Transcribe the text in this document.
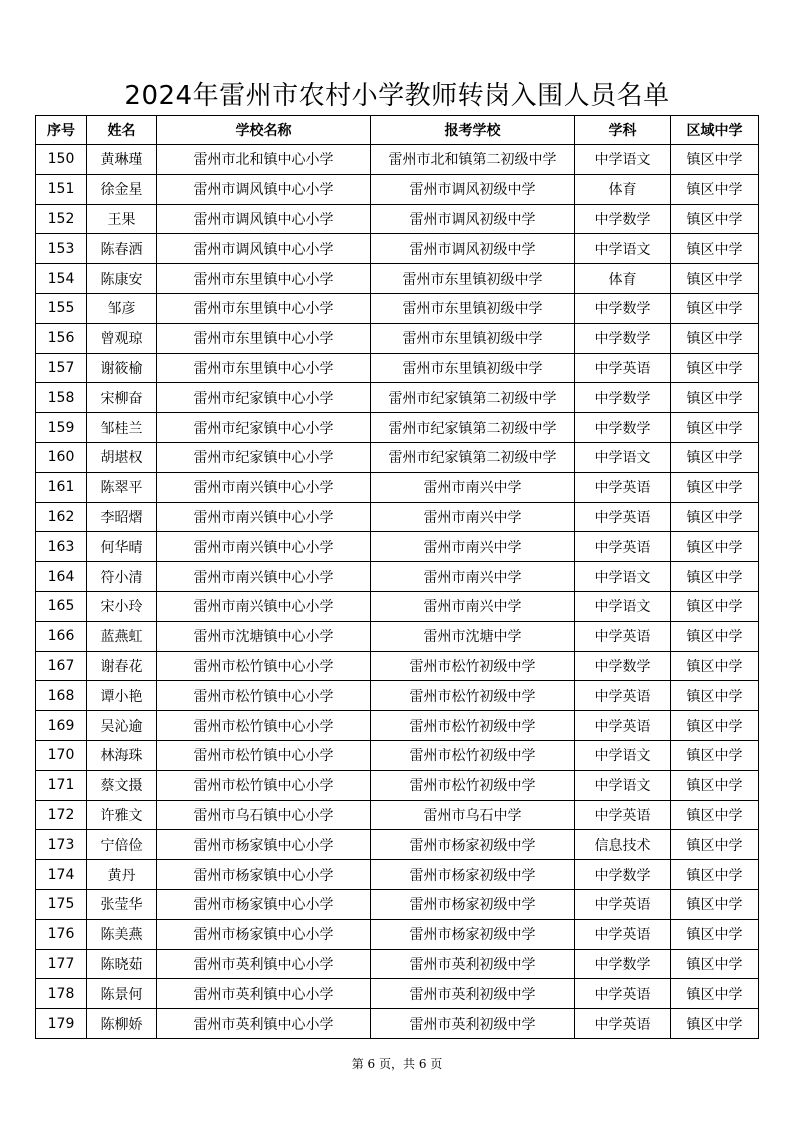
2024年雷州市农村小学教师转岗入围人员名单
序号	姓名	学校名称	报考学校	学科	区域中学
150	黄琳瑾	雷州市北和镇中心小学	雷州市北和镇第二初级中学	中学语文	镇区中学
151	徐金星	雷州市调风镇中心小学	雷州市调风初级中学	体育	镇区中学
152	王果	雷州市调风镇中心小学	雷州市调风初级中学	中学数学	镇区中学
153	陈春洒	雷州市调风镇中心小学	雷州市调风初级中学	中学语文	镇区中学
154	陈康安	雷州市东里镇中心小学	雷州市东里镇初级中学	体育	镇区中学
155	邹彦	雷州市东里镇中心小学	雷州市东里镇初级中学	中学数学	镇区中学
156	曾观琼	雷州市东里镇中心小学	雷州市东里镇初级中学	中学数学	镇区中学
157	谢筱榆	雷州市东里镇中心小学	雷州市东里镇初级中学	中学英语	镇区中学
158	宋柳奋	雷州市纪家镇中心小学	雷州市纪家镇第二初级中学	中学数学	镇区中学
159	邹桂兰	雷州市纪家镇中心小学	雷州市纪家镇第二初级中学	中学数学	镇区中学
160	胡堪权	雷州市纪家镇中心小学	雷州市纪家镇第二初级中学	中学语文	镇区中学
161	陈翠平	雷州市南兴镇中心小学	雷州市南兴中学	中学英语	镇区中学
162	李昭熠	雷州市南兴镇中心小学	雷州市南兴中学	中学英语	镇区中学
163	何华晴	雷州市南兴镇中心小学	雷州市南兴中学	中学英语	镇区中学
164	符小清	雷州市南兴镇中心小学	雷州市南兴中学	中学语文	镇区中学
165	宋小玲	雷州市南兴镇中心小学	雷州市南兴中学	中学语文	镇区中学
166	蓝燕虹	雷州市沈塘镇中心小学	雷州市沈塘中学	中学英语	镇区中学
167	谢春花	雷州市松竹镇中心小学	雷州市松竹初级中学	中学数学	镇区中学
168	谭小艳	雷州市松竹镇中心小学	雷州市松竹初级中学	中学英语	镇区中学
169	吴沁逾	雷州市松竹镇中心小学	雷州市松竹初级中学	中学英语	镇区中学
170	林海珠	雷州市松竹镇中心小学	雷州市松竹初级中学	中学语文	镇区中学
171	蔡文摄	雷州市松竹镇中心小学	雷州市松竹初级中学	中学语文	镇区中学
172	许雅文	雷州市乌石镇中心小学	雷州市乌石中学	中学英语	镇区中学
173	宁倍俭	雷州市杨家镇中心小学	雷州市杨家初级中学	信息技术	镇区中学
174	黄丹	雷州市杨家镇中心小学	雷州市杨家初级中学	中学数学	镇区中学
175	张莹华	雷州市杨家镇中心小学	雷州市杨家初级中学	中学英语	镇区中学
176	陈美燕	雷州市杨家镇中心小学	雷州市杨家初级中学	中学英语	镇区中学
177	陈晓茹	雷州市英利镇中心小学	雷州市英利初级中学	中学数学	镇区中学
178	陈景何	雷州市英利镇中心小学	雷州市英利初级中学	中学英语	镇区中学
179	陈柳娇	雷州市英利镇中心小学	雷州市英利初级中学	中学英语	镇区中学
第 6 页，共 6 页
